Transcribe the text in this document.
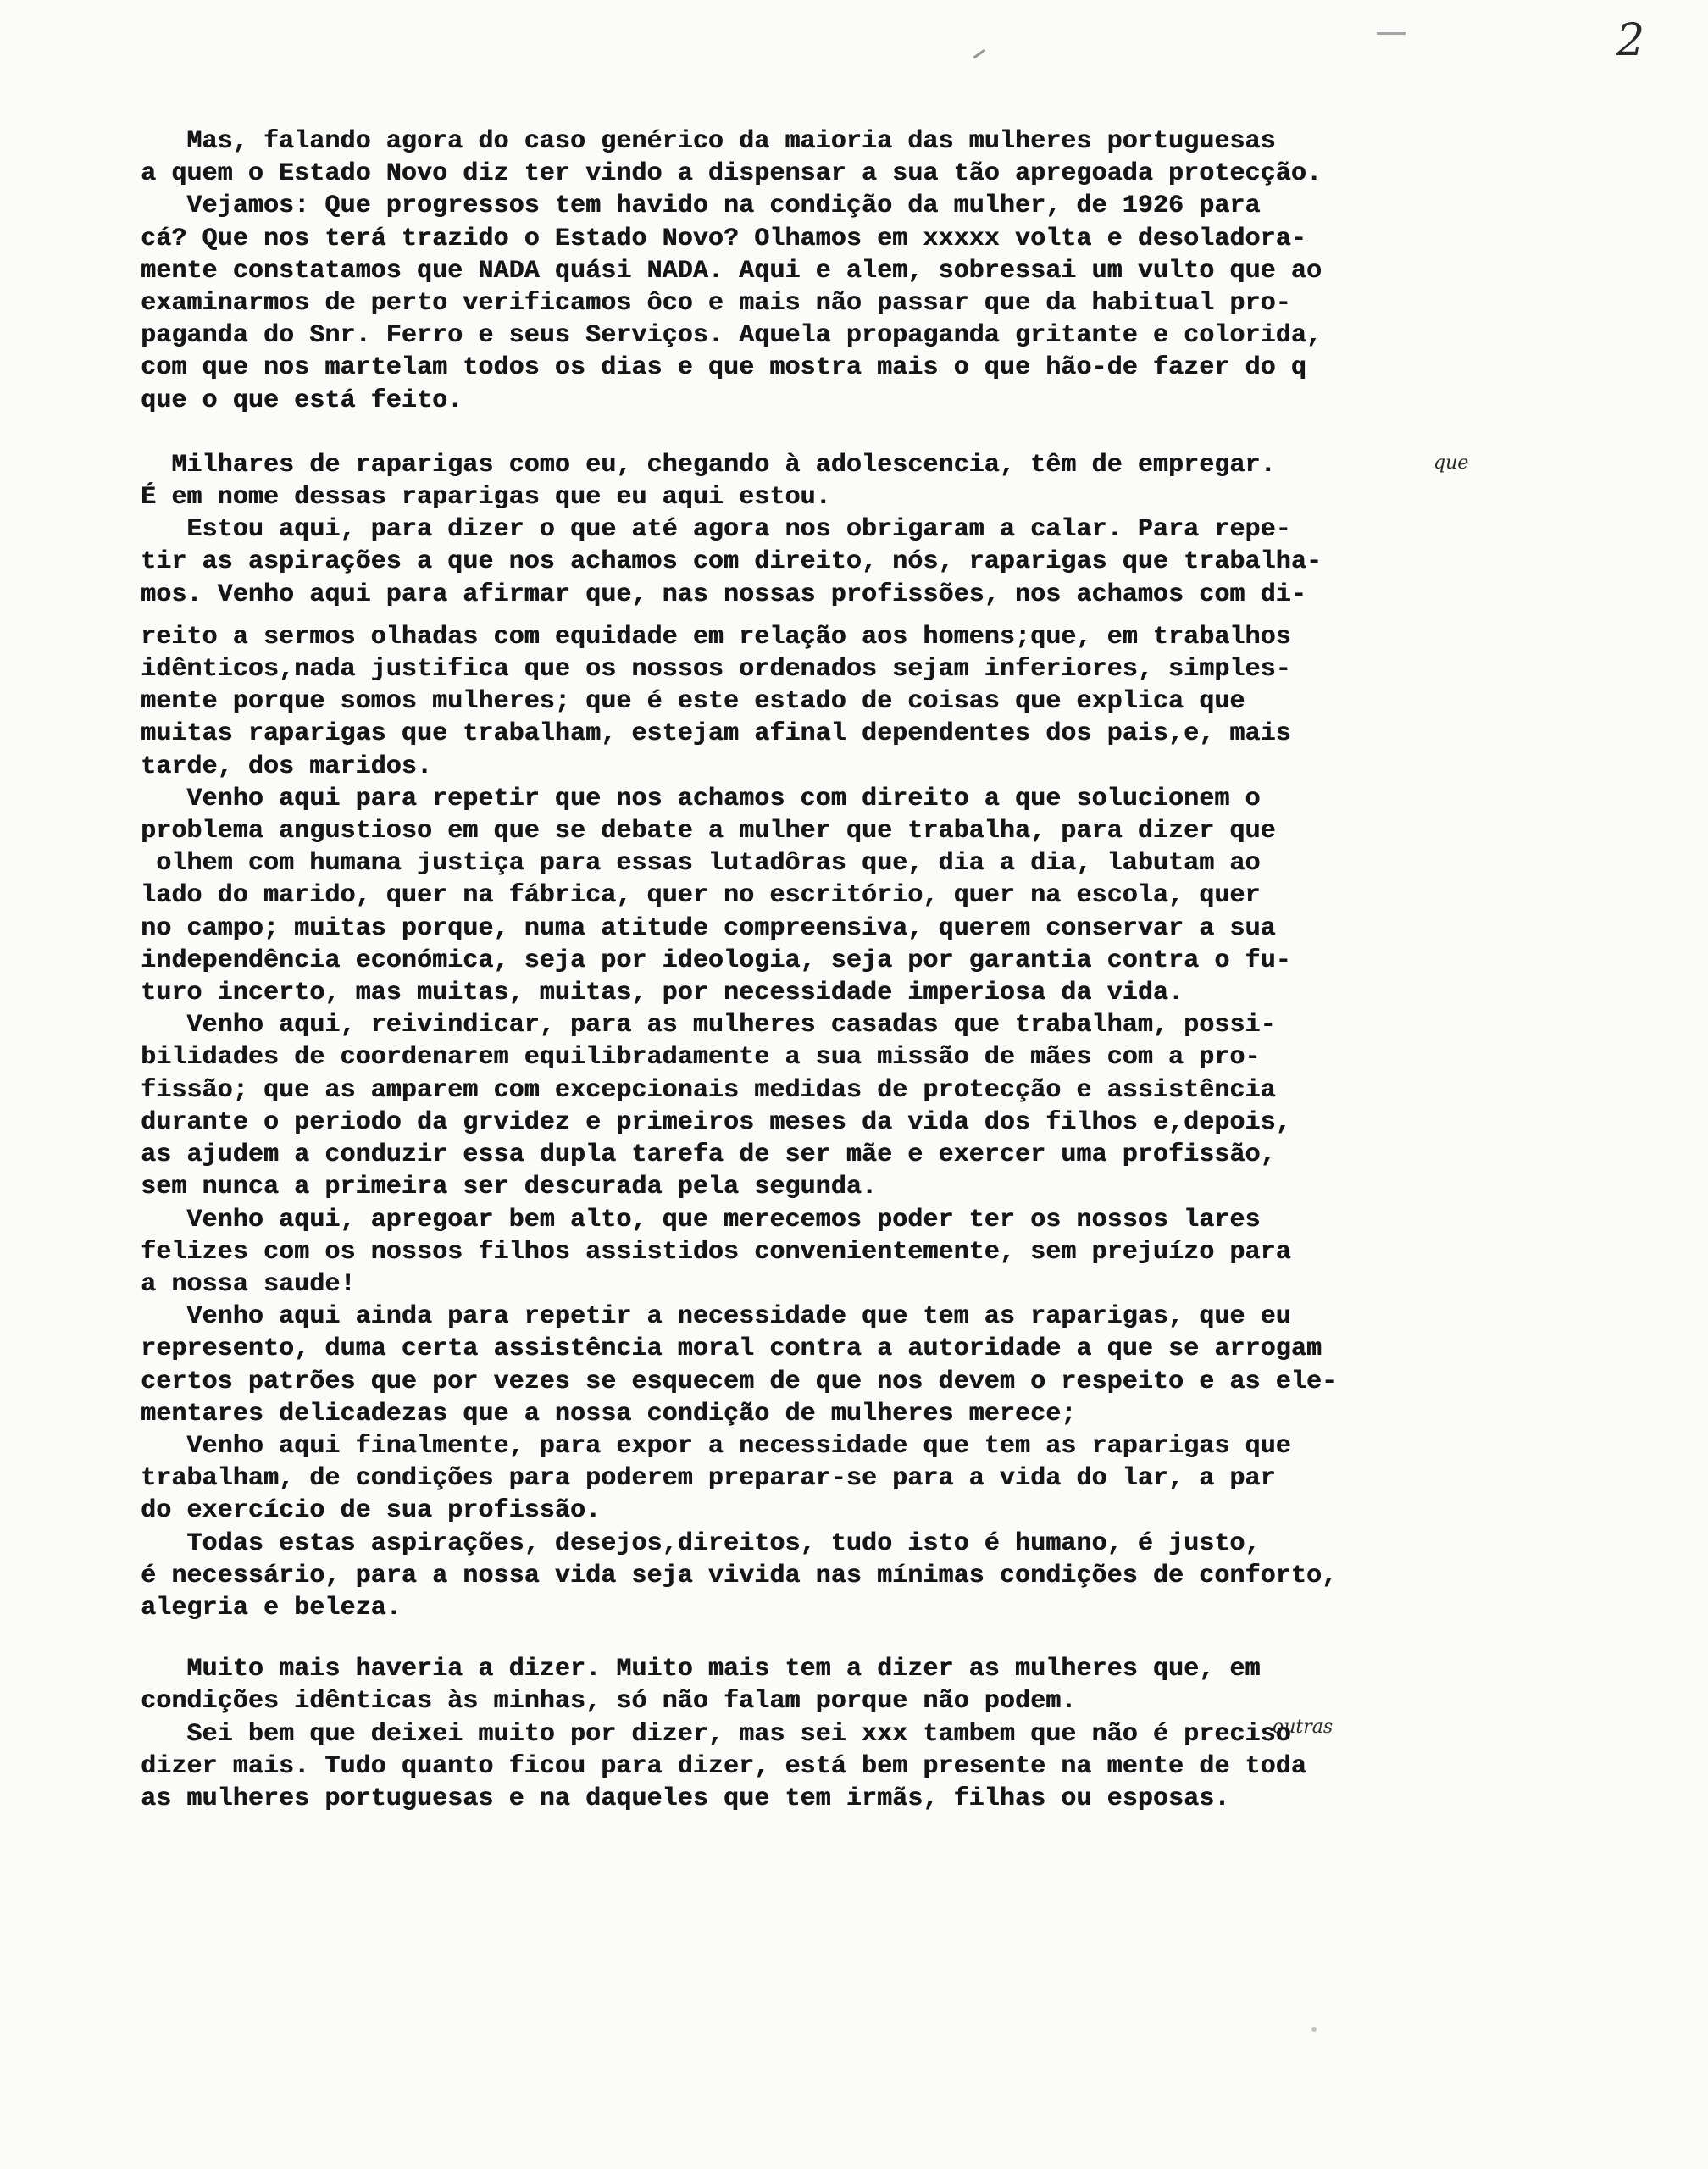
2
que
outras

Mas, falando agora do caso genérico da maioria das mulheres portuguesas

a quem o Estado Novo diz ter vindo a dispensar a sua tão apregoada protecção.

Vejamos: Que progressos tem havido na condição da mulher, de 1926 para

cá? Que nos terá trazido o Estado Novo? Olhamos em xxxxx volta e desoladora-

mente constatamos que NADA quási NADA. Aqui e alem, sobressai um vulto que ao

examinarmos de perto verificamos ôco e mais não passar que da habitual pro-

paganda do Snr. Ferro e seus Serviços. Aquela propaganda gritante e colorida,

com que nos martelam todos os dias e que mostra mais o que hão-de fazer do q

que o que está feito.

Milhares de raparigas como eu, chegando à adolescencia, têm de empregar.

É em nome dessas raparigas que eu aqui estou.

Estou aqui, para dizer o que até agora nos obrigaram a calar. Para repe-

tir as aspirações a que nos achamos com direito, nós, raparigas que trabalha-

mos. Venho aqui para afirmar que, nas nossas profissões, nos achamos com di-

reito a sermos olhadas com equidade em relação aos homens;que, em trabalhos

idênticos,nada justifica que os nossos ordenados sejam inferiores, simples-

mente porque somos mulheres; que é este estado de coisas que explica que

muitas raparigas que trabalham, estejam afinal dependentes dos pais,e, mais

tarde, dos maridos.

Venho aqui para repetir que nos achamos com direito a que solucionem o

problema angustioso em que se debate a mulher que trabalha, para dizer que

olhem com humana justiça para essas lutadôras que, dia a dia, labutam ao

lado do marido, quer na fábrica, quer no escritório, quer na escola, quer

no campo; muitas porque, numa atitude compreensiva, querem conservar a sua

independência económica, seja por ideologia, seja por garantia contra o fu-

turo incerto, mas muitas, muitas, por necessidade imperiosa da vida.

Venho aqui, reivindicar, para as mulheres casadas que trabalham, possi-

bilidades de coordenarem equilibradamente a sua missão de mães com a pro-

fissão; que as amparem com excepcionais medidas de protecção e assistência

durante o periodo da grvidez e primeiros meses da vida dos filhos e,depois,

as ajudem a conduzir essa dupla tarefa de ser mãe e exercer uma profissão,

sem nunca a primeira ser descurada pela segunda.

Venho aqui, apregoar bem alto, que merecemos poder ter os nossos lares

felizes com os nossos filhos assistidos convenientemente, sem prejuízo para

a nossa saude!

Venho aqui ainda para repetir a necessidade que tem as raparigas, que eu

represento, duma certa assistência moral contra a autoridade a que se arrogam

certos patrões que por vezes se esquecem de que nos devem o respeito e as ele-

mentares delicadezas que a nossa condição de mulheres merece;

Venho aqui finalmente, para expor a necessidade que tem as raparigas que

trabalham, de condições para poderem preparar-se para a vida do lar, a par

do exercício de sua profissão.

Todas estas aspirações, desejos,direitos, tudo isto é humano, é justo,

é necessário, para a nossa vida seja vivida nas mínimas condições de conforto,

alegria e beleza.

Muito mais haveria a dizer. Muito mais tem a dizer as mulheres que, em

condições idênticas às minhas, só não falam porque não podem.

Sei bem que deixei muito por dizer, mas sei xxx tambem que não é preciso

dizer mais. Tudo quanto ficou para dizer, está bem presente na mente de toda

as mulheres portuguesas e na daqueles que tem irmãs, filhas ou esposas.
